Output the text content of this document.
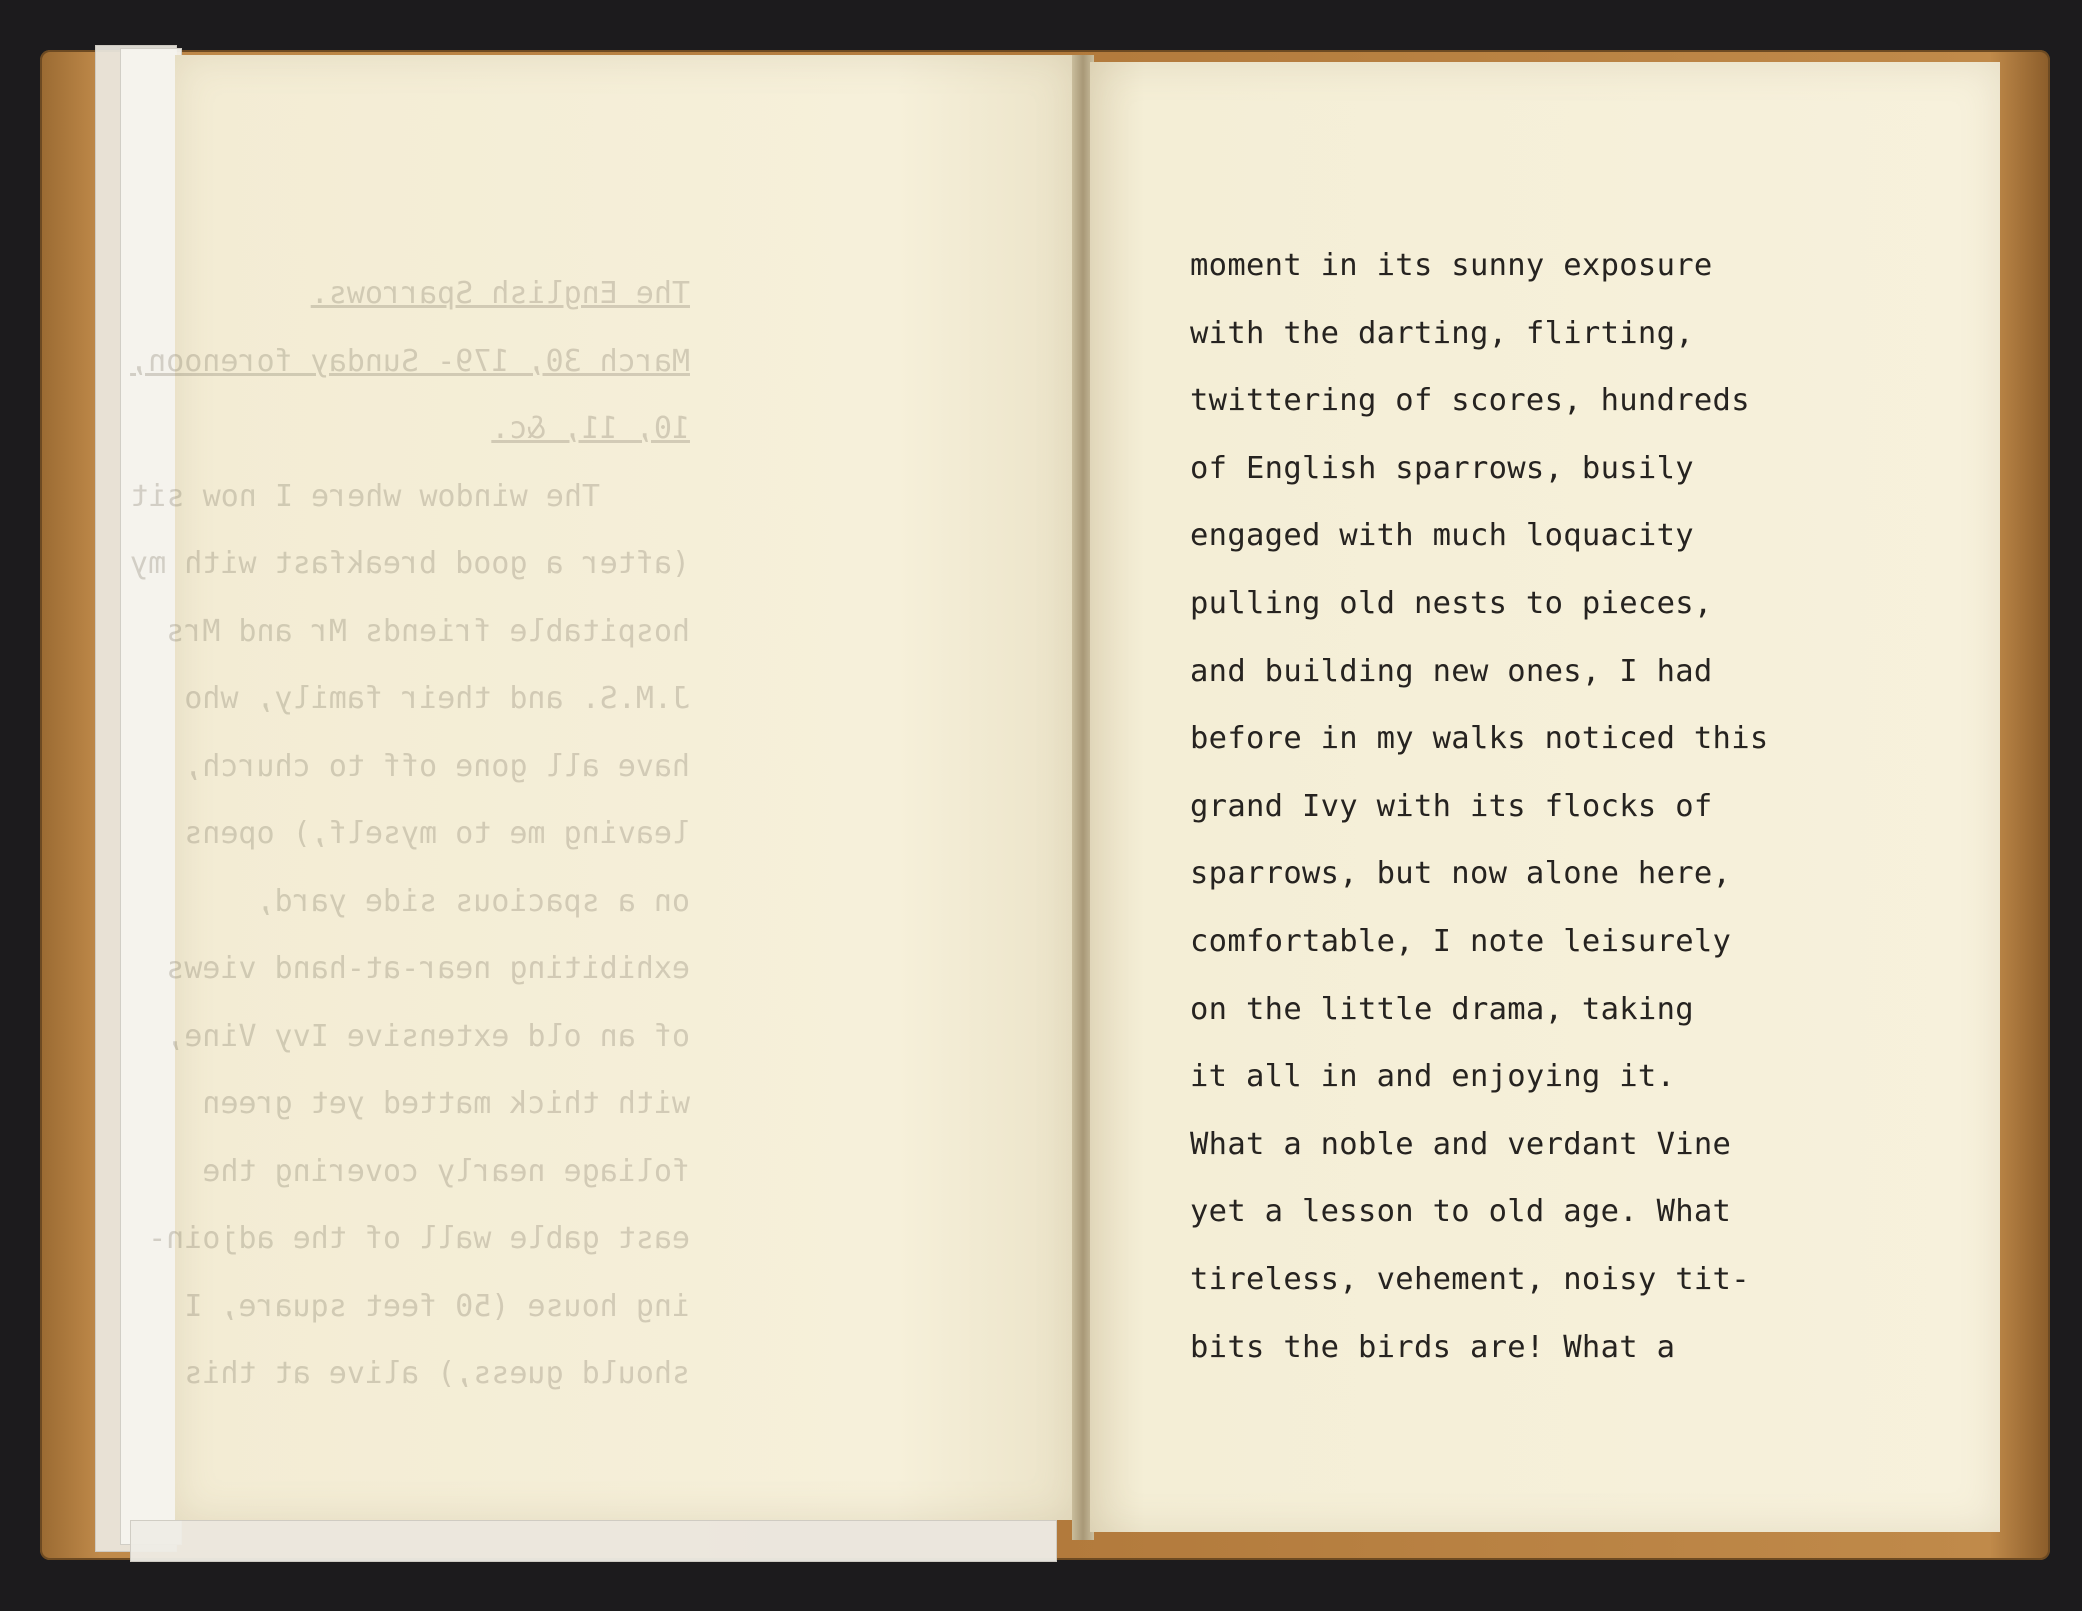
The English Sparrows.
March 30, 179- Sunday forenoon,
10, 11, &c.
The window where I now sit
(after a good breakfast with my
hospitable friends Mr and Mrs
J.M.S. and their family, who
have all gone off to church,
leaving me to myself,) opens
on a spacious side yard,
exhibiting near-at-hand views
of an old extensive Ivy Vine,
with thick matted yet green
foliage nearly covering the
east gable wall of the adjoin-
ing house (50 feet square, I
should guess,) alive at this
moment in its sunny exposure
with the darting, flirting,
twittering of scores, hundreds
of English sparrows, busily
engaged with much loquacity
pulling old nests to pieces,
and building new ones, I had
before in my walks noticed this
grand Ivy with its flocks of
sparrows, but now alone here,
comfortable, I note leisurely
on the little drama, taking
it all in and enjoying it.
What a noble and verdant Vine
yet a lesson to old age. What
tireless, vehement, noisy tit-
bits the birds are! What a
